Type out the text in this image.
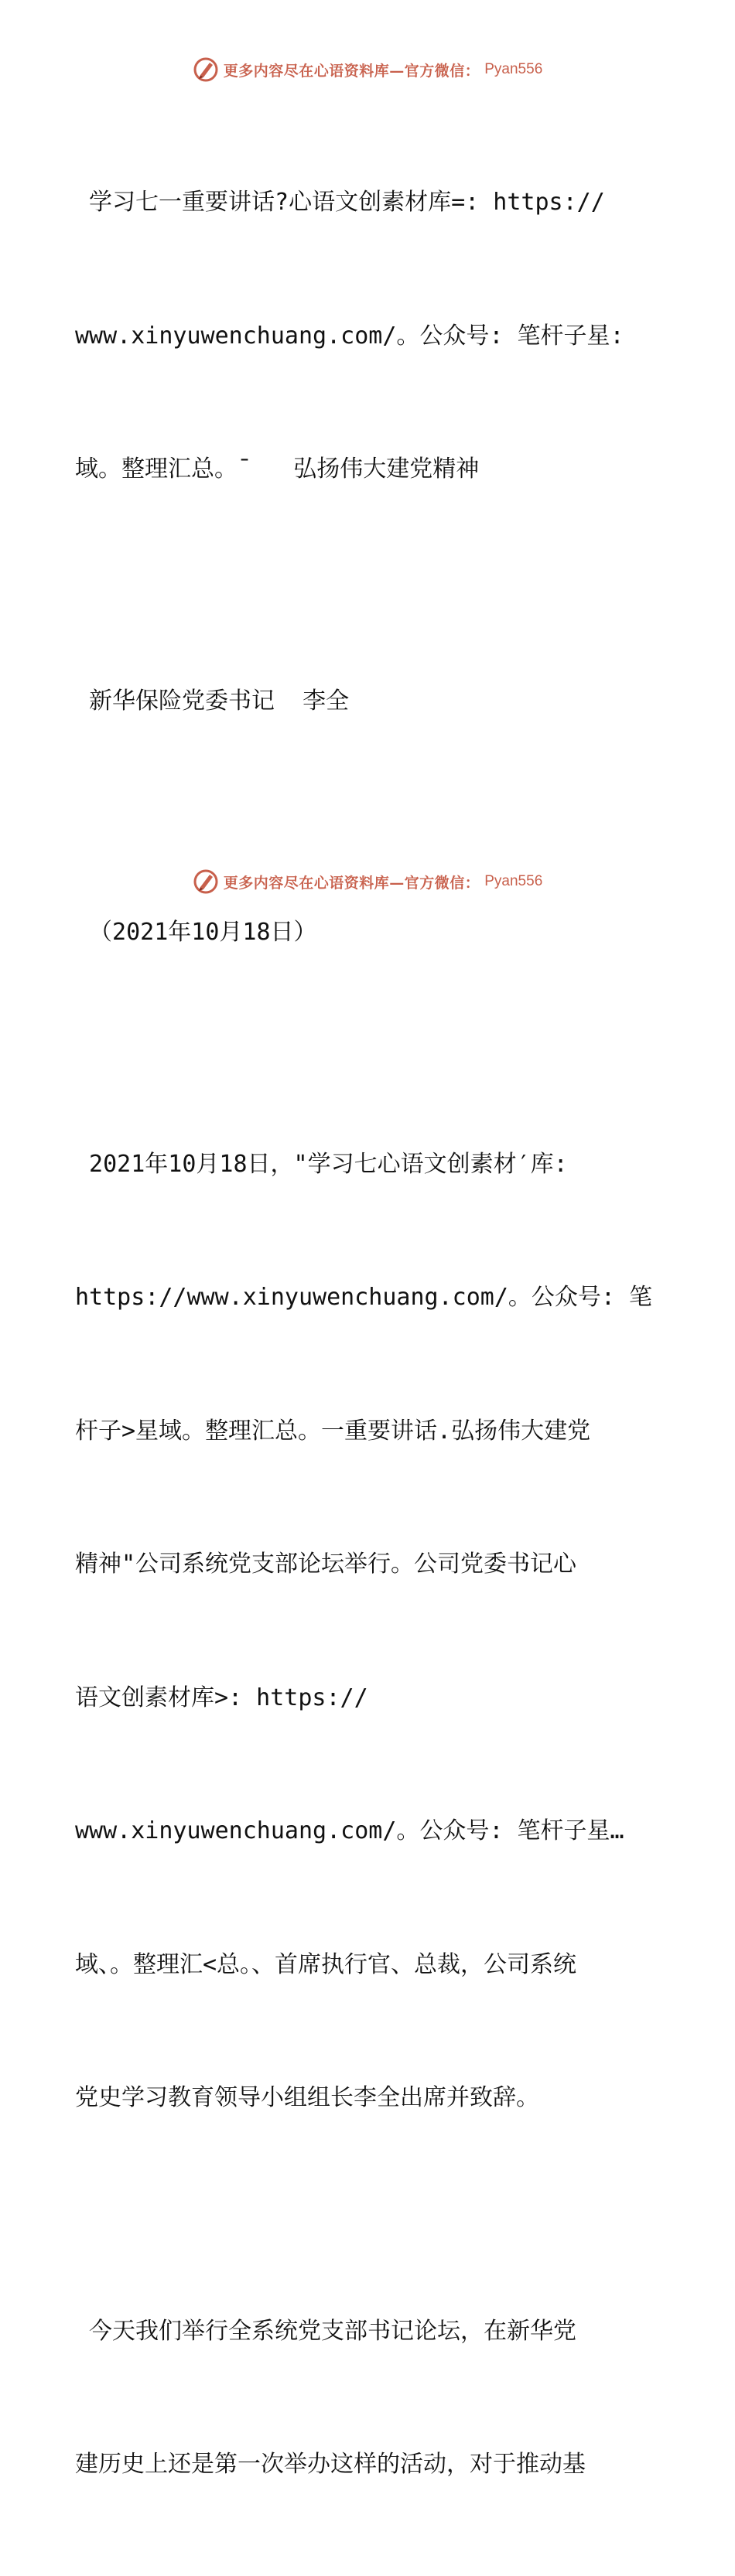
更多内容尽在心语资料库—官方微信： Pyan556

学习七一重要讲话?心语文创素材库=: https://

www.xinyuwenchuang.com/。公众号: 笔杆子星:

域。整理汇总。¯   弘扬伟大建党精神

新华保险党委书记  李全

（2021年10月18日）

2021年10月18日，"学习七心语文创素材′库:

https://www.xinyuwenchuang.com/。公众号: 笔

杆子>星域。整理汇总。一重要讲话.弘扬伟大建党

精神"公司系统党支部论坛举行。公司党委书记心

语文创素材库>: https://

www.xinyuwenchuang.com/。公众号: 笔杆子星…

域、。整理汇<总。、首席执行官、总裁，公司系统

党史学习教育领导小组组长李全出席并致辞。

今天我们举行全系统党支部书记论坛，在新华党

建历史上还是第一次举办这样的活动，对于推动基

更多内容尽在心语资料库—官方微信： Pyan556
